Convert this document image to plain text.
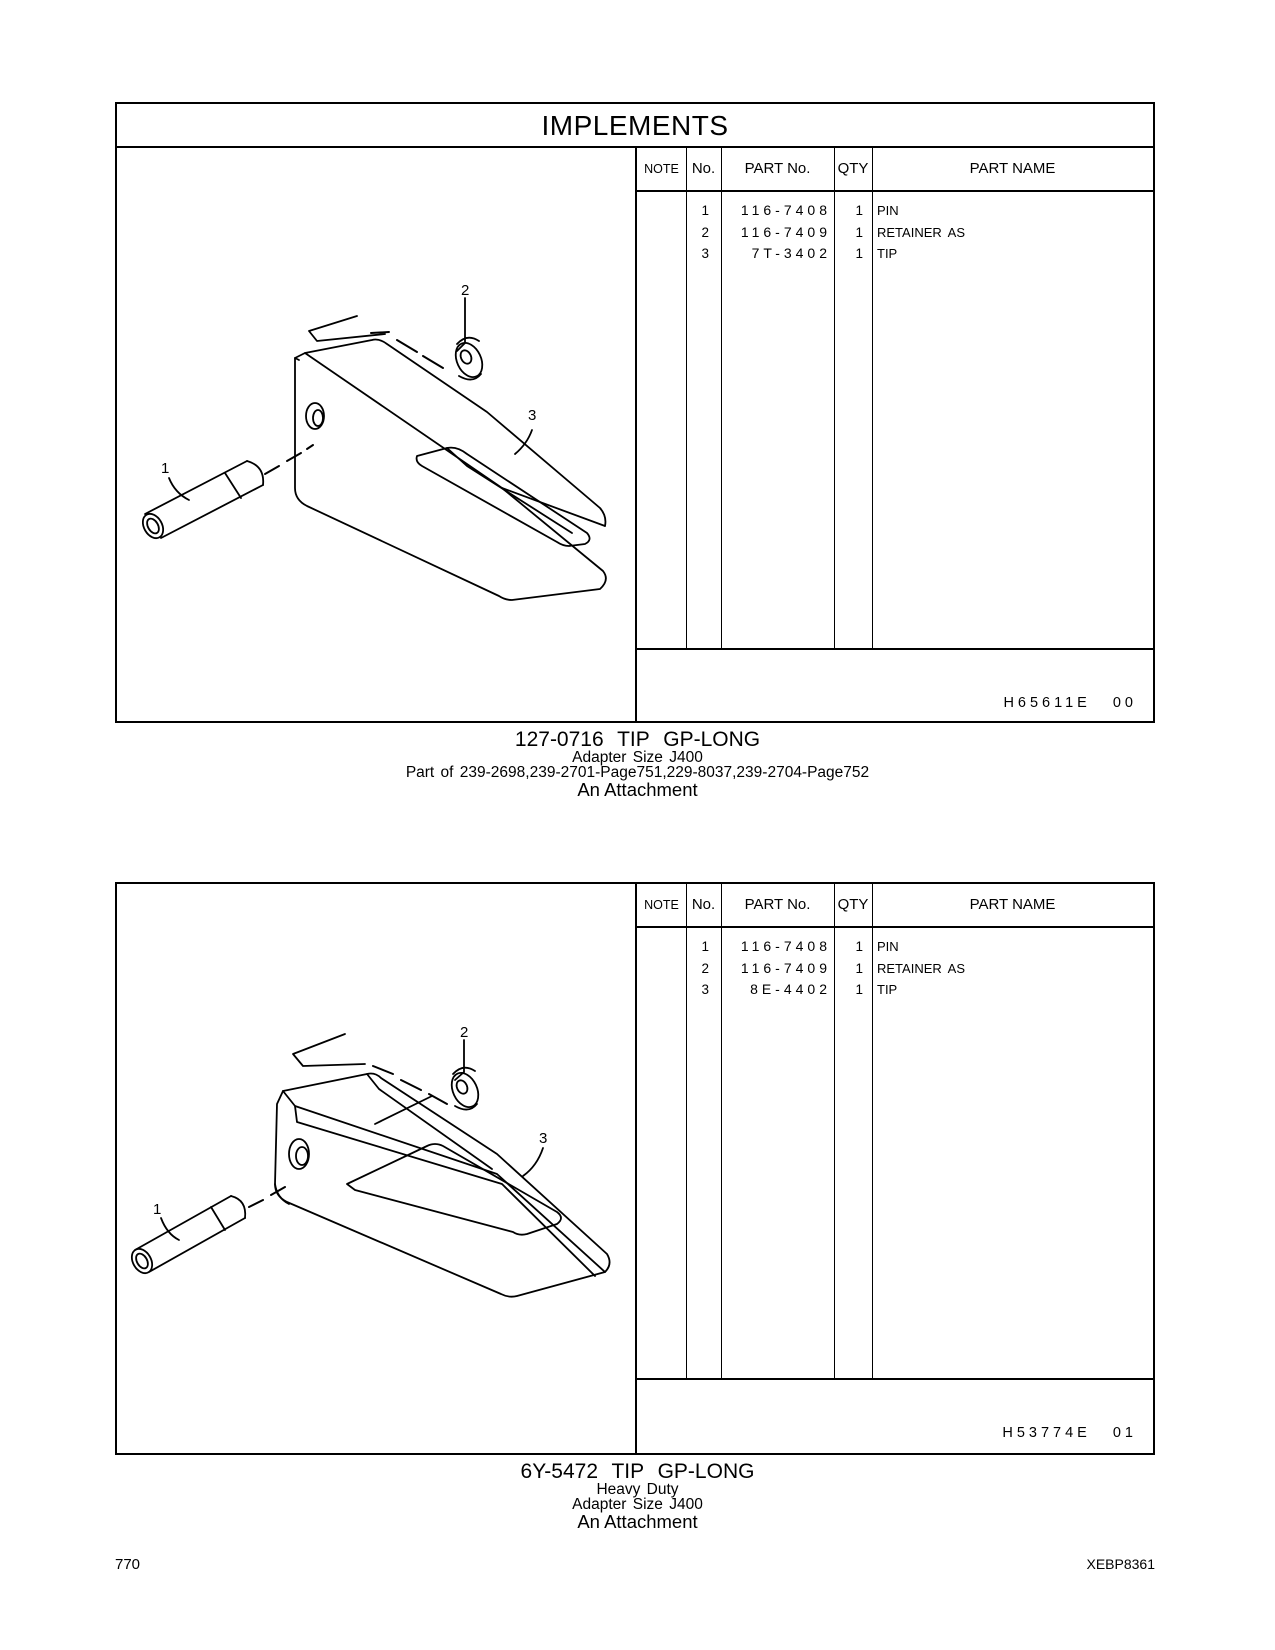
IMPLEMENTS
2
3
1
NOTE No.	PART No.	QTY	PART NAME
1	116-7408	1 PIN
2	116-7409	1 RETAINER AS
3	7T-3402	1 TIP
H65611E 00
127-0716 TIP GP-LONG
Adapter Size J400
Part of 239-2698,239-2701-Page751,229-8037,239-2704-Page752
An Attachment
2
3
1
NOTE No.	PART No.	QTY	PART NAME
1	116-7408	1 PIN
2	116-7409	1 RETAINER AS
3	8E-4402	1 TIP
H53774E 01
6Y-5472 TIP GP-LONG
Heavy Duty
Adapter Size J400
An Attachment
770	XEBP8361
